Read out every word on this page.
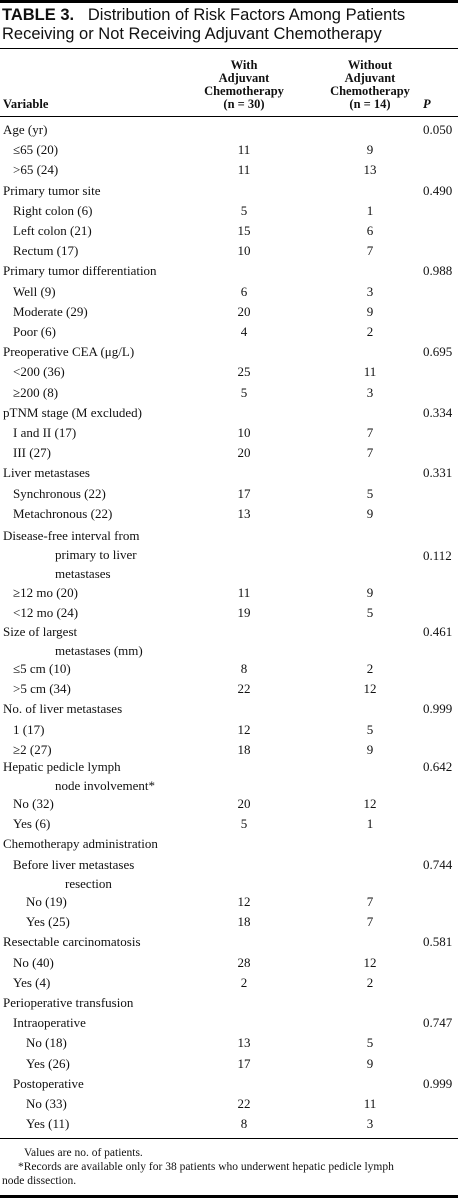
TABLE 3. Distribution of Risk Factors Among Patients
Receiving or Not Receiving Adjuvant Chemotherapy
With
Adjuvant
Chemotherapy
(n = 30)
Without
Adjuvant
Chemotherapy
(n = 14)
Variable	P
Age (yr)	0.050
≤65 (20)	11	9
>65 (24)	11	13
Primary tumor site	0.490
Right colon (6)	5	1
Left colon (21)	15	6
Rectum (17)	10	7
Primary tumor differentiation	0.988
Well (9)	6	3
Moderate (29)	20	9
Poor (6)	4	2
Preoperative CEA (μg/L)	0.695
<200 (36)	25	11
≥200 (8)	5	3
pTNM stage (M excluded)	0.334
I and II (17)	10	7
III (27)	20	7
Liver metastases	0.331
Synchronous (22)	17	5
Metachronous (22)	13	9
Disease-free interval from
primary to liver
metastases
0.112
≥12 mo (20)	11	9
<12 mo (24)	19	5
Size of largest
metastases (mm)
0.461
≤5 cm (10)	8	2
>5 cm (34)	22	12
No. of liver metastases	0.999
1 (17)	12	5
≥2 (27)	18	9
Hepatic pedicle lymph
node involvement*
0.642
No (32)	20	12
Yes (6)	5	1
Chemotherapy administration
Before liver metastases
resection
0.744
No (19)	12	7
Yes (25)	18	7
Resectable carcinomatosis	0.581
No (40)	28	12
Yes (4)	2	2
Perioperative transfusion
Intraoperative	0.747
No (18)	13	5
Yes (26)	17	9
Postoperative	0.999
No (33)	22	11
Yes (11)	8	3
Values are no. of patients.
*Records are available only for 38 patients who underwent hepatic pedicle lymph
node dissection.
